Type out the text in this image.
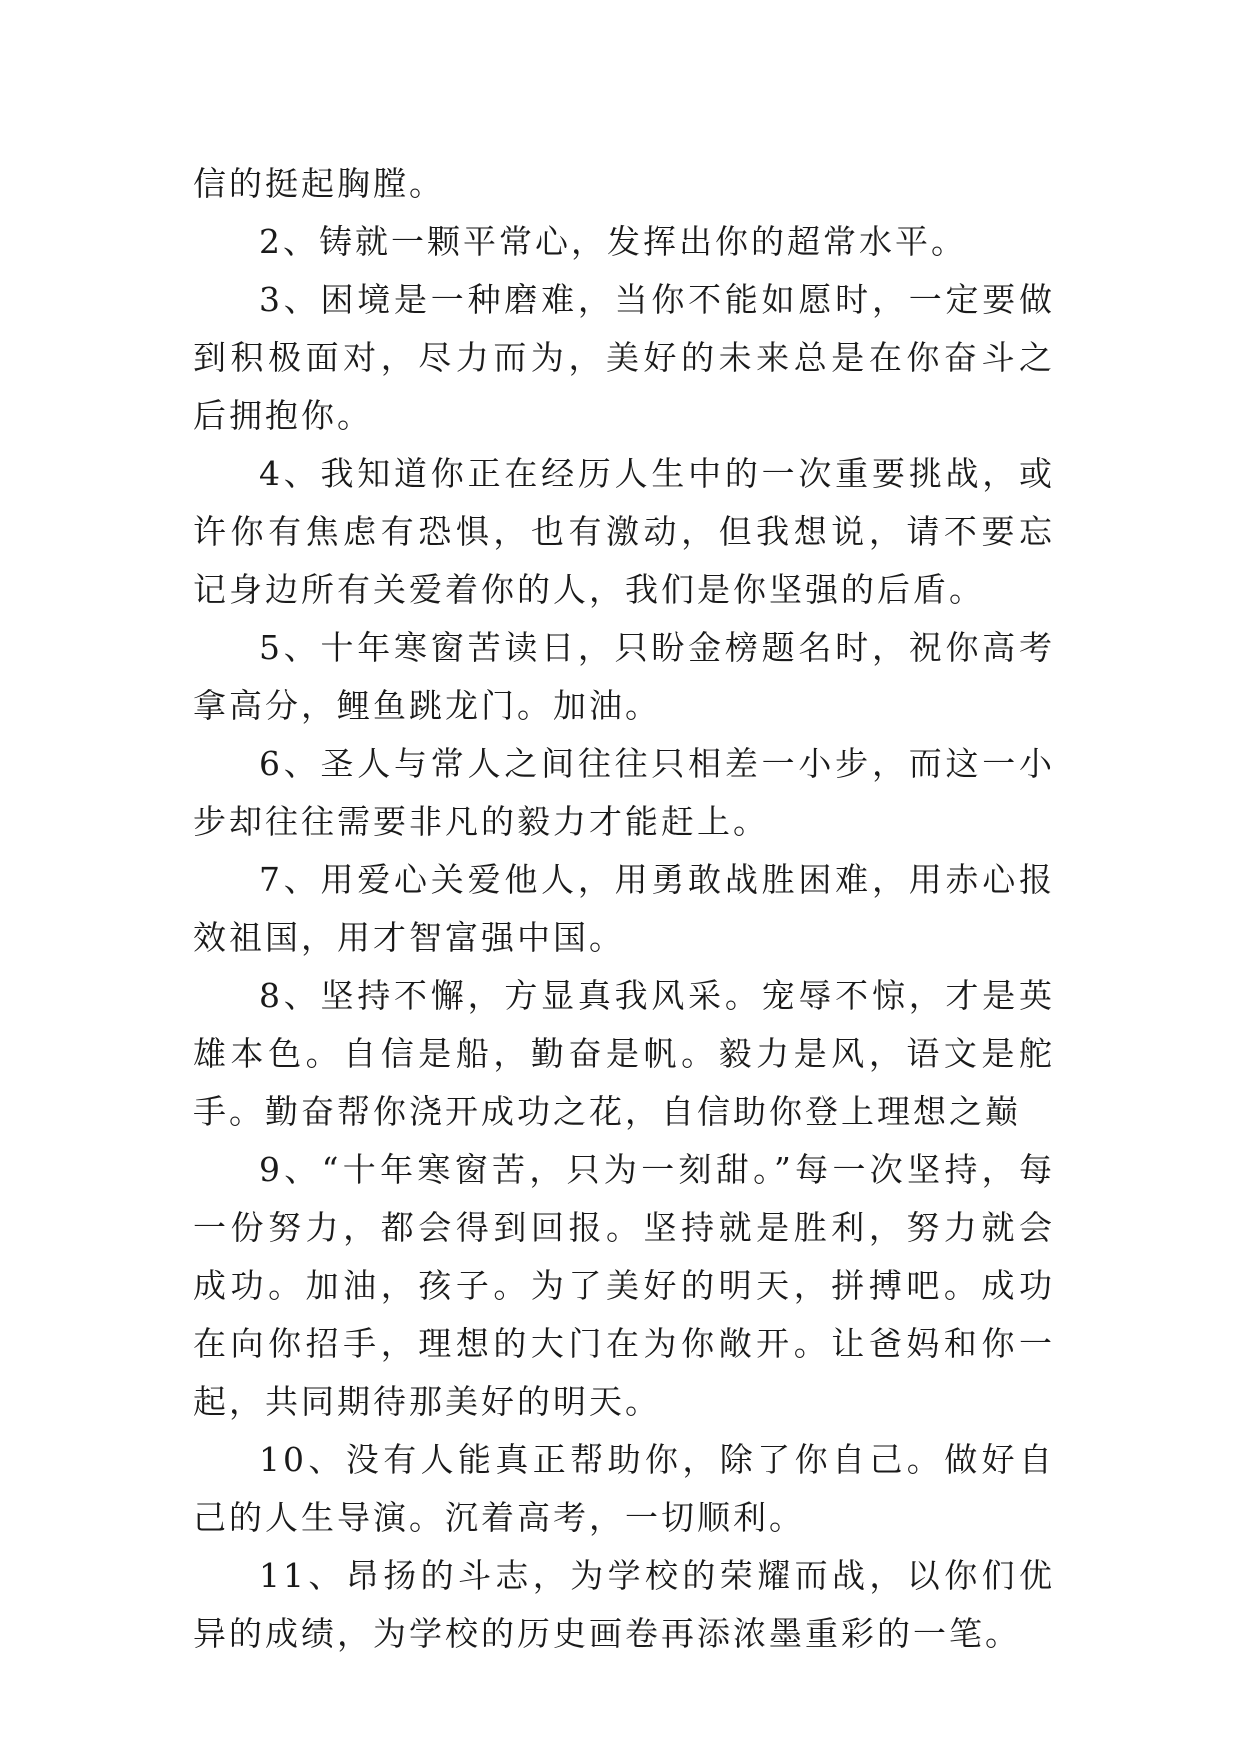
信的挺起胸膛。

2、铸就一颗平常心，发挥出你的超常水平。

3、困境是一种磨难，当你不能如愿时，一定要做到积极面对，尽力而为，美好的未来总是在你奋斗之后拥抱你。

4、我知道你正在经历人生中的一次重要挑战，或许你有焦虑有恐惧，也有激动，但我想说，请不要忘记身边所有关爱着你的人，我们是你坚强的后盾。

5、十年寒窗苦读日，只盼金榜题名时，祝你高考拿高分，鲤鱼跳龙门。加油。

6、圣人与常人之间往往只相差一小步，而这一小步却往往需要非凡的毅力才能赶上。

7、用爱心关爱他人，用勇敢战胜困难，用赤心报效祖国，用才智富强中国。

8、坚持不懈，方显真我风采。宠辱不惊，才是英雄本色。自信是船，勤奋是帆。毅力是风，语文是舵手。勤奋帮你浇开成功之花，自信助你登上理想之巅

9、“十年寒窗苦，只为一刻甜。”每一次坚持，每一份努力，都会得到回报。坚持就是胜利，努力就会成功。加油，孩子。为了美好的明天，拼搏吧。成功在向你招手，理想的大门在为你敞开。让爸妈和你一起，共同期待那美好的明天。

10、没有人能真正帮助你，除了你自己。做好自己的人生导演。沉着高考，一切顺利。

11、昂扬的斗志，为学校的荣耀而战，以你们优异的成绩，为学校的历史画卷再添浓墨重彩的一笔。
